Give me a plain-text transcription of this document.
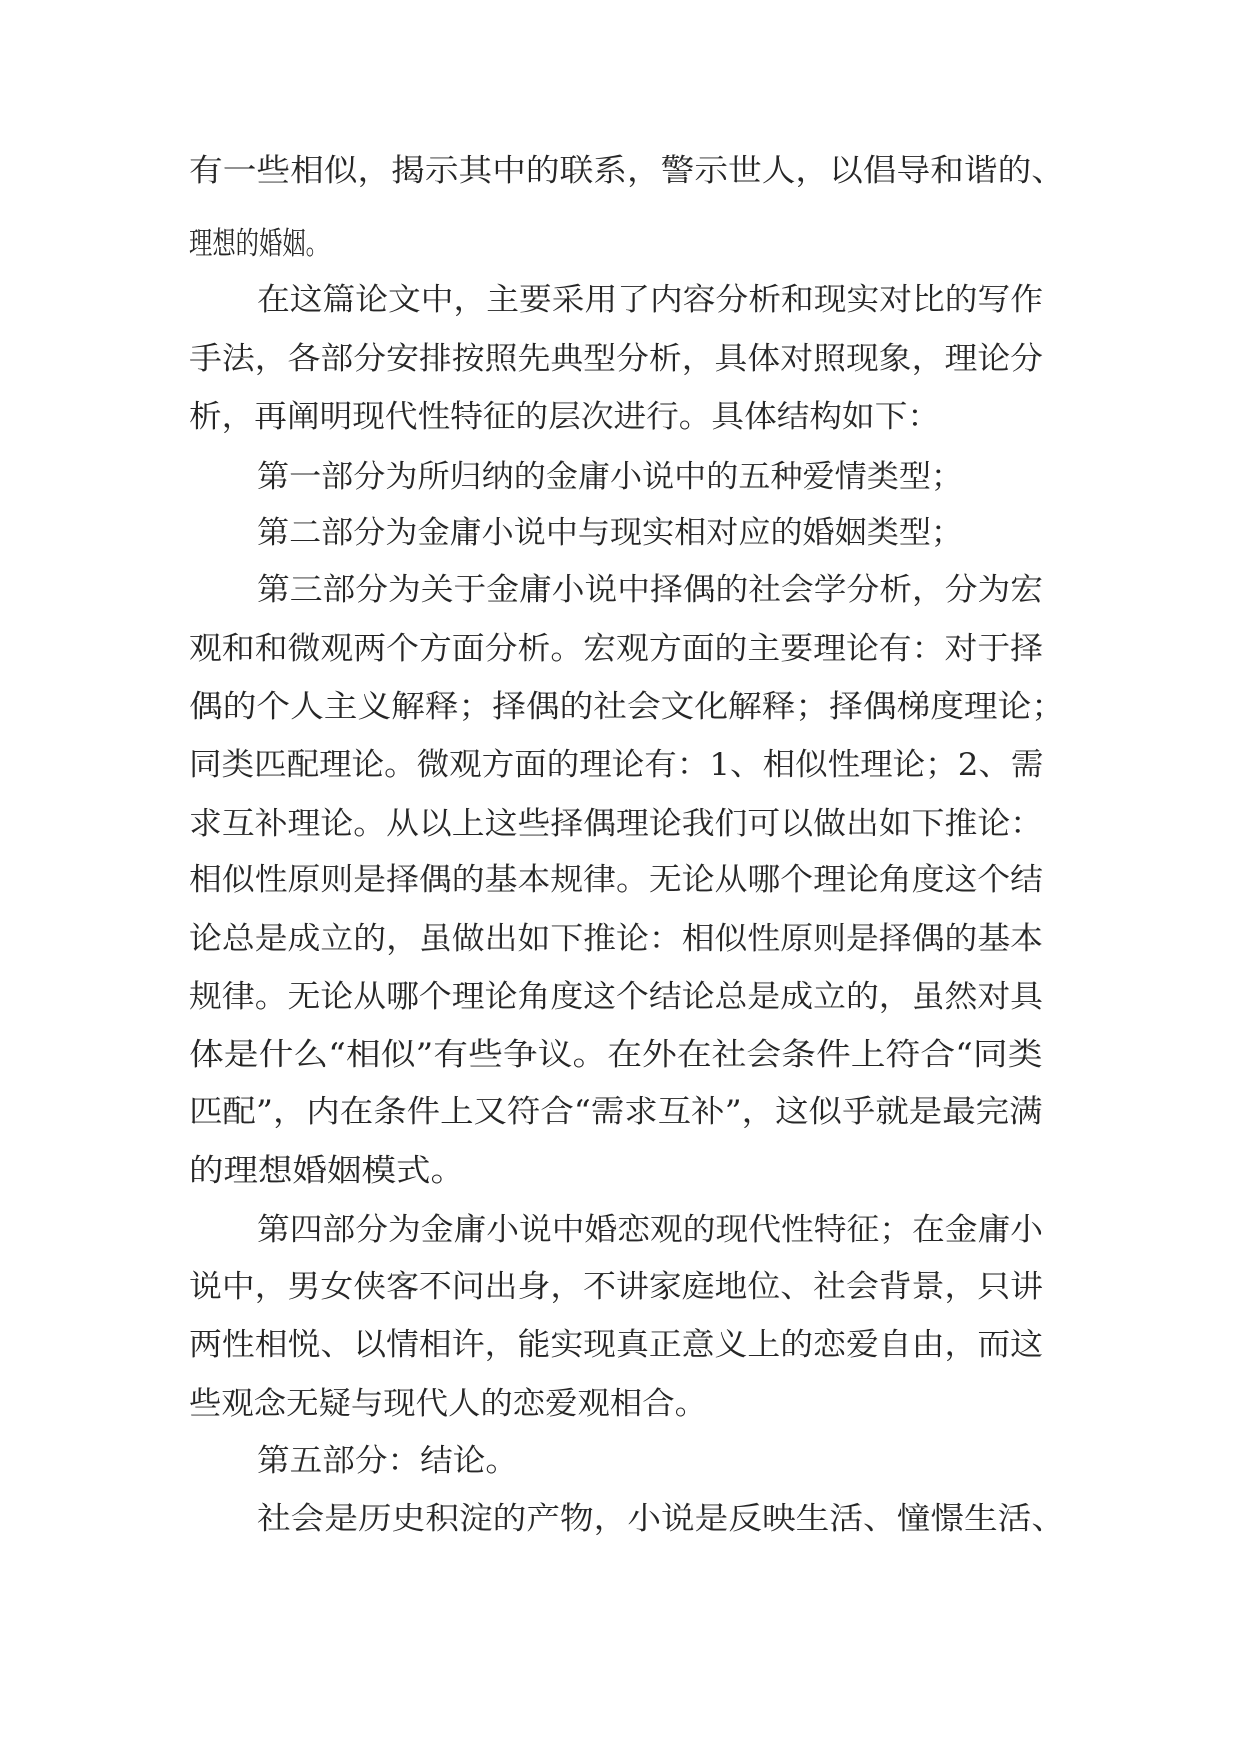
有一些相似，揭示其中的联系，警示世人，以倡导和谐的、
理想的婚姻。
在这篇论文中，主要采用了内容分析和现实对比的写作
手法，各部分安排按照先典型分析，具体对照现象，理论分
析，再阐明现代性特征的层次进行。具体结构如下：
第一部分为所归纳的金庸小说中的五种爱情类型；
第二部分为金庸小说中与现实相对应的婚姻类型；
第三部分为关于金庸小说中择偶的社会学分析，分为宏
观和和微观两个方面分析。宏观方面的主要理论有：对于择
偶的个人主义解释；择偶的社会文化解释；择偶梯度理论；
同类匹配理论。微观方面的理论有：1、相似性理论；2、需
求互补理论。从以上这些择偶理论我们可以做出如下推论：
相似性原则是择偶的基本规律。无论从哪个理论角度这个结
论总是成立的，虽做出如下推论：相似性原则是择偶的基本
规律。无论从哪个理论角度这个结论总是成立的，虽然对具
体是什么“相似”有些争议。在外在社会条件上符合“同类
匹配”，内在条件上又符合“需求互补”，这似乎就是最完满
的理想婚姻模式。
第四部分为金庸小说中婚恋观的现代性特征；在金庸小
说中，男女侠客不问出身，不讲家庭地位、社会背景，只讲
两性相悦、以情相许，能实现真正意义上的恋爱自由，而这
些观念无疑与现代人的恋爱观相合。
第五部分：结论。
社会是历史积淀的产物，小说是反映生活、憧憬生活、
